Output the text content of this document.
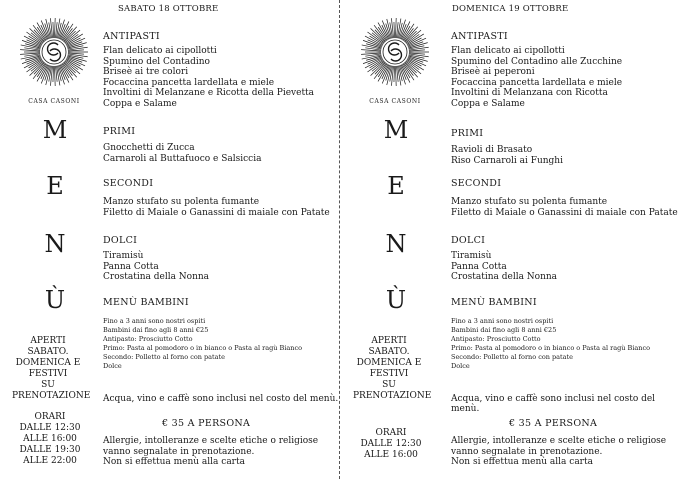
SABATO 18 OTTOBRE
CASA CASONI
M
E
N
Ù
APERTI
SABATO.
DOMENICA E
FESTIVI
SU
PRENOTAZIONE
ORARI
DALLE 12:30
ALLE 16:00
DALLE 19:30
ALLE 22:00
ANTIPASTI
Flan delicato ai cipollotti
Spumino del Contadino
Briseè ai tre colori
Focaccina pancetta lardellata e miele
Involtini di Melanzane e Ricotta della Pievetta
Coppa e Salame
PRIMI
Gnocchetti di Zucca
Carnaroli al Buttafuoco e Salsiccia
SECONDI
Manzo stufato su polenta fumante
Filetto di Maiale o Ganassini di maiale con Patate
DOLCI
Tiramisù
Panna Cotta
Crostatina della Nonna
MENÙ BAMBINI
Fino a 3 anni sono nostri ospiti
Bambini dai fino agli 8 anni €25
Antipasto: Prosciutto Cotto
Primo: Pasta al pomodoro o in bianco o Pasta al ragù Bianco
Secondo: Polletto al forno con patate
Dolce
Acqua, vino e caffè sono inclusi nel costo del menù.
€ 35 A PERSONA
Allergie, intolleranze e scelte etiche o religiose
vanno segnalate in prenotazione.
Non si effettua menù alla carta
DOMENICA 19 OTTOBRE
CASA CASONI
M
E
N
Ù
APERTI
SABATO.
DOMENICA E
FESTIVI
SU
PRENOTAZIONE
ORARI
DALLE 12:30
ALLE 16:00
ANTIPASTI
Flan delicato ai cipollotti
Spumino del Contadino alle Zucchine
Briseè ai peperoni
Focaccina pancetta lardellata e miele
Involtini di Melanzana con Ricotta
Coppa e Salame
PRIMI
Ravioli di Brasato
Riso Carnaroli ai Funghi
SECONDI
Manzo stufato su polenta fumante
Filetto di Maiale o Ganassini di maiale con Patate
DOLCI
Tiramisù
Panna Cotta
Crostatina della Nonna
MENÙ BAMBINI
Fino a 3 anni sono nostri ospiti
Bambini dai fino agli 8 anni €25
Antipasto: Prosciutto Cotto
Primo: Pasta al pomodoro o in bianco o Pasta al ragù Bianco
Secondo: Polletto al forno con patate
Dolce
Acqua, vino e caffè sono inclusi nel costo del menù.
€ 35 A PERSONA
Allergie, intolleranze e scelte etiche o religiose
vanno segnalate in prenotazione.
Non si effettua menù alla carta
